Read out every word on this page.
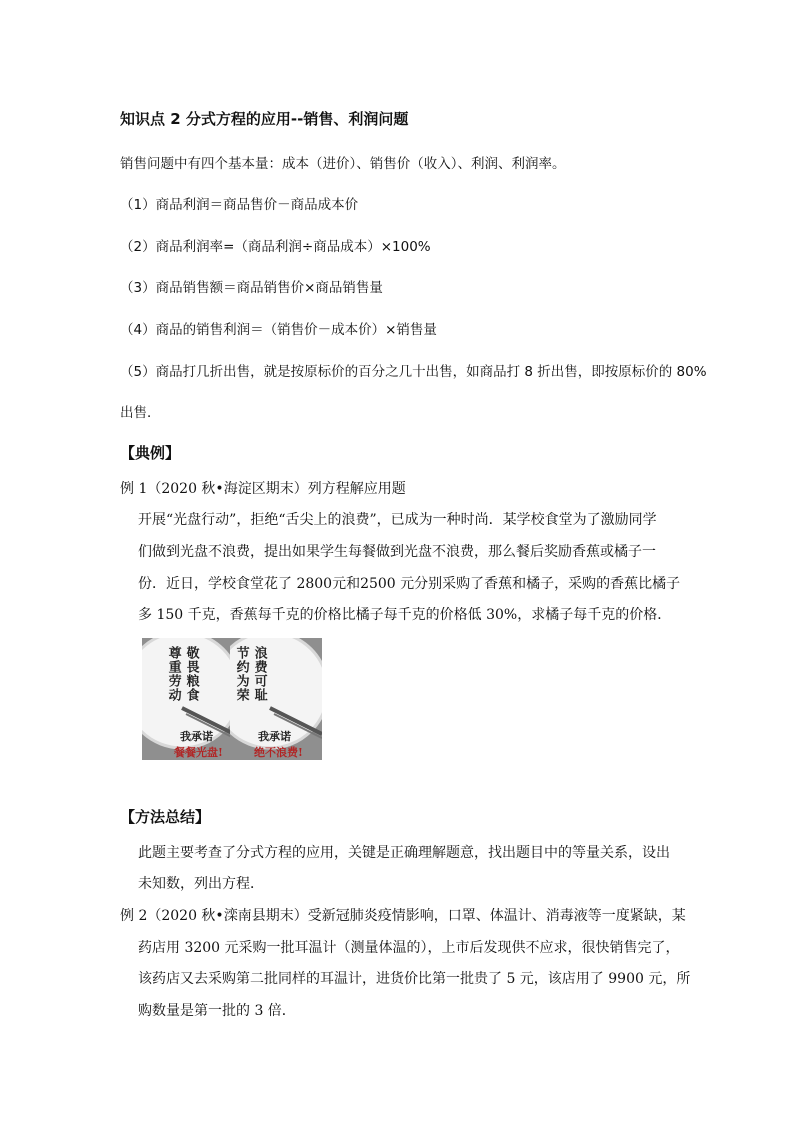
知识点 2 分式方程的应用--销售、利润问题
销售问题中有四个基本量：成本（进价）、销售价（收入）、利润、利润率。
（1）商品利润＝商品售价－商品成本价
（2）商品利润率=（商品利润÷商品成本）×100%
（3）商品销售额＝商品销售价×商品销售量
（4）商品的销售利润＝（销售价－成本价）×销售量
（5）商品打几折出售，就是按原标价的百分之几十出售，如商品打 8 折出售，即按原标价的 80%
出售．
【典例】
例 1（2020 秋•海淀区期末）列方程解应用题
开展“光盘行动”，拒绝“舌尖上的浪费”，已成为一种时尚．某学校食堂为了激励同学
们做到光盘不浪费，提出如果学生每餐做到光盘不浪费，那么餐后奖励香蕉或橘子一
份．近日，学校食堂花了 2800元和2500 元分别采购了香蕉和橘子，采购的香蕉比橘子
多 150 千克，香蕉每千克的价格比橘子每千克的价格低 30%，求橘子每千克的价格．
敬畏粮食
尊重劳动
我承诺
餐餐光盘!
浪费可耻
节约为荣
我承诺
绝不浪费!
【方法总结】
此题主要考查了分式方程的应用，关键是正确理解题意，找出题目中的等量关系，设出
未知数，列出方程．
例 2（2020 秋•滦南县期末）受新冠肺炎疫情影响，口罩、体温计、消毒液等一度紧缺，某
药店用 3200 元采购一批耳温计（测量体温的），上市后发现供不应求，很快销售完了，
该药店又去采购第二批同样的耳温计，进货价比第一批贵了 5 元，该店用了 9900 元，所
购数量是第一批的 3 倍．
